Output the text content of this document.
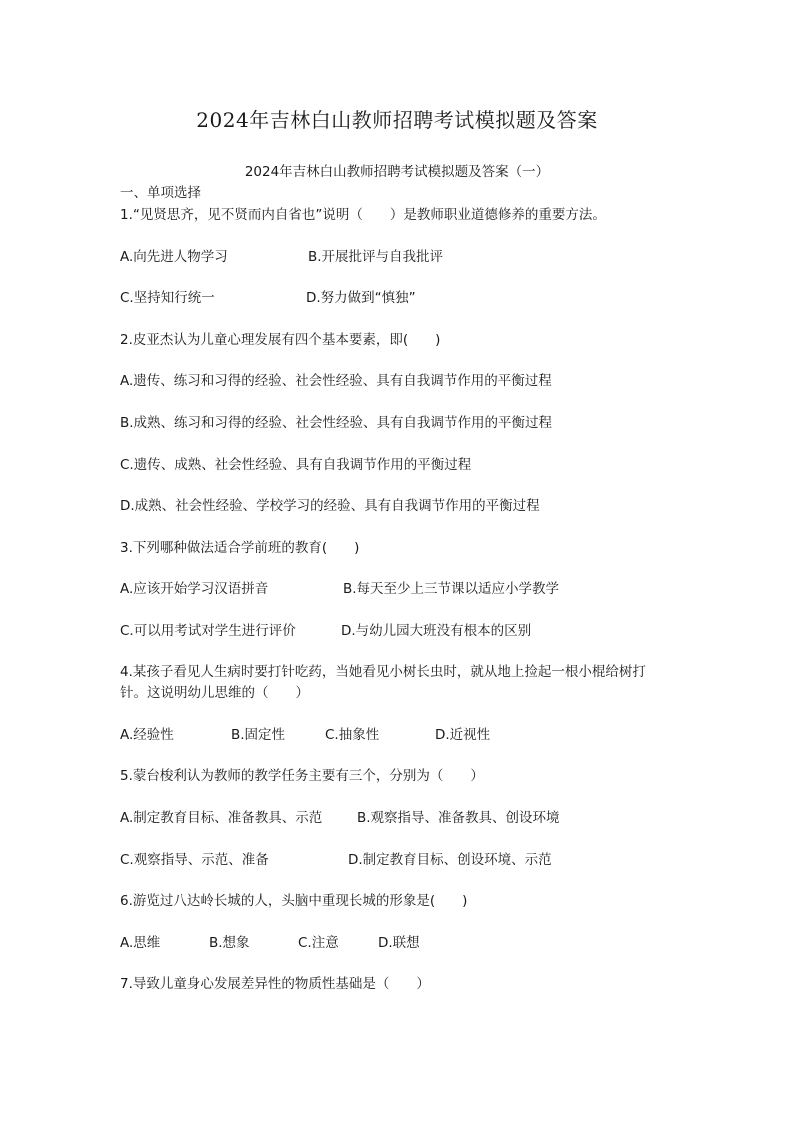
2024年吉林白山教师招聘考试模拟题及答案
2024年吉林白山教师招聘考试模拟题及答案（一）
一、单项选择
1.“见贤思齐，见不贤而内自省也”说明（　　）是教师职业道德修养的重要方法。
A.向先进人物学习	B.开展批评与自我批评
C.坚持知行统一	D.努力做到“慎独”
2.皮亚杰认为儿童心理发展有四个基本要素，即(　　)
A.遗传、练习和习得的经验、社会性经验、具有自我调节作用的平衡过程
B.成熟、练习和习得的经验、社会性经验、具有自我调节作用的平衡过程
C.遗传、成熟、社会性经验、具有自我调节作用的平衡过程
D.成熟、社会性经验、学校学习的经验、具有自我调节作用的平衡过程
3.下列哪种做法适合学前班的教育(　　)
A.应该开始学习汉语拼音	B.每天至少上三节课以适应小学教学
C.可以用考试对学生进行评价	D.与幼儿园大班没有根本的区别
4.某孩子看见人生病时要打针吃药，当她看见小树长虫时，就从地上捡起一根小棍给树打
针。这说明幼儿思维的（　　）
A.经验性	B.固定性	C.抽象性	D.近视性
5.蒙台梭利认为教师的教学任务主要有三个，分别为（　　）
A.制定教育目标、准备教具、示范	B.观察指导、准备教具、创设环境
C.观察指导、示范、准备	D.制定教育目标、创设环境、示范
6.游览过八达岭长城的人，头脑中重现长城的形象是(　　)
A.思维	B.想象	C.注意	D.联想
7.导致儿童身心发展差异性的物质性基础是（　　）
